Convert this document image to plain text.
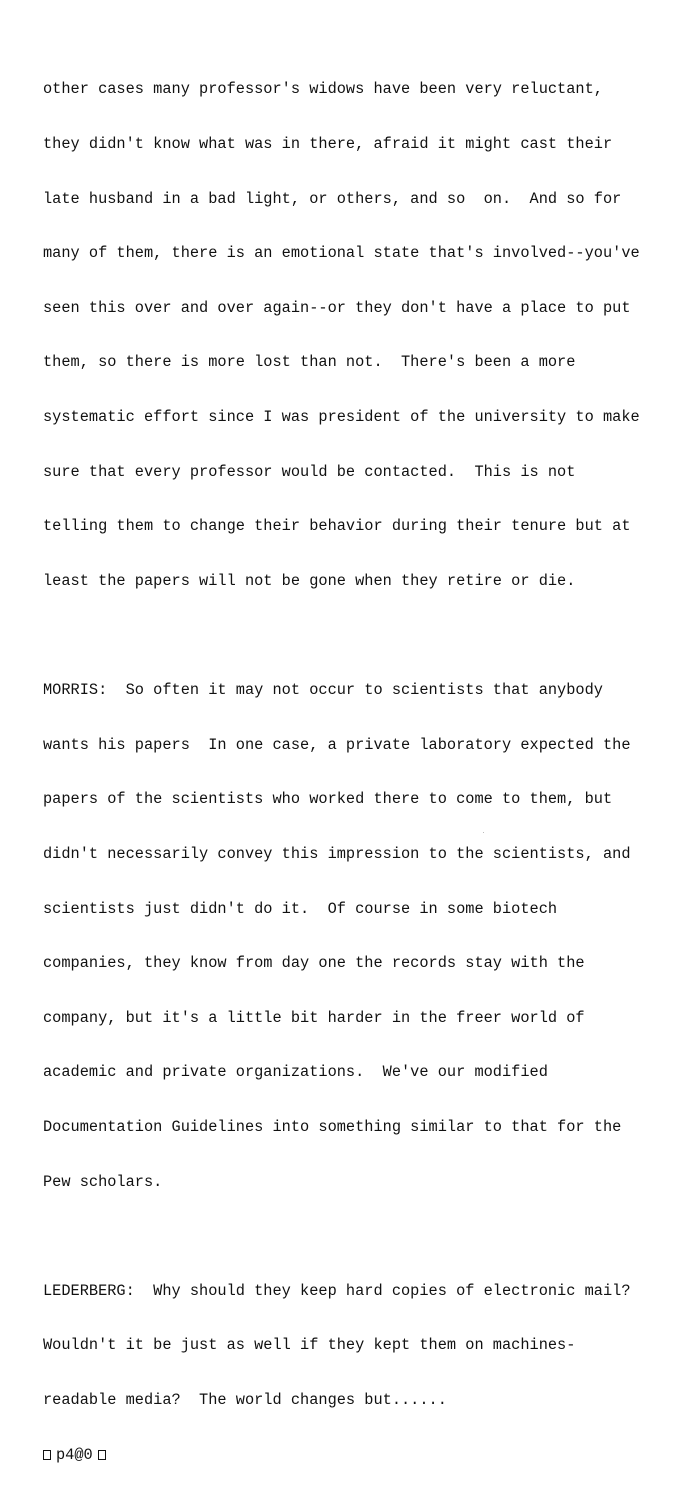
other cases many professor's widows have been very reluctant,

they didn't know what was in there, afraid it might cast their

late husband in a bad light, or others, and so  on.  And so for

many of them, there is an emotional state that's involved--you've

seen this over and over again--or they don't have a place to put

them, so there is more lost than not.  There's been a more

systematic effort since I was president of the university to make

sure that every professor would be contacted.  This is not

telling them to change their behavior during their tenure but at

least the papers will not be gone when they retire or die.

MORRIS:  So often it may not occur to scientists that anybody

wants his papers  In one case, a private laboratory expected the

papers of the scientists who worked there to come to them, but

didn't necessarily convey this impression to the scientists, and

scientists just didn't do it.  Of course in some biotech

companies, they know from day one the records stay with the

company, but it's a little bit harder in the freer world of

academic and private organizations.  We've our modified

Documentation Guidelines into something similar to that for the

Pew scholars.

LEDERBERG:  Why should they keep hard copies of electronic mail?

Wouldn't it be just as well if they kept them on machines-

readable media?  The world changes but......

p4@0
